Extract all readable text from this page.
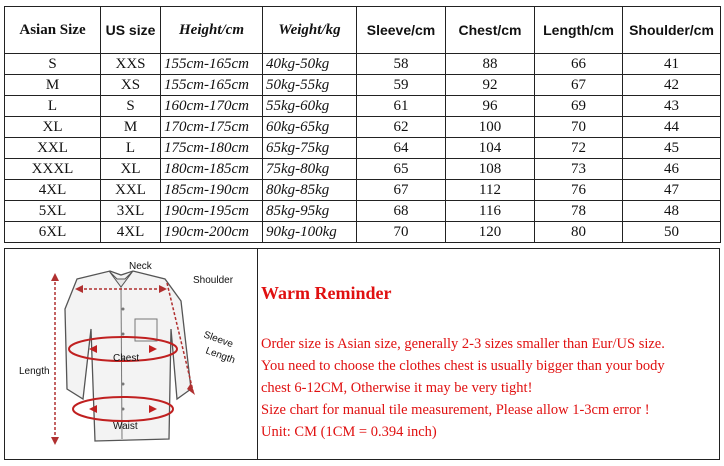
Asian Size	US size	Height/cm	Weight/kg	Sleeve/cm	Chest/cm	Length/cm	Shoulder/cm
S	XXS	155cm-165cm	40kg-50kg	58	88	66	41
M	XS	155cm-165cm	50kg-55kg	59	92	67	42
L	S	160cm-170cm	55kg-60kg	61	96	69	43
XL	M	170cm-175cm	60kg-65kg	62	100	70	44
XXL	L	175cm-180cm	65kg-75kg	64	104	72	45
XXXL	XL	180cm-185cm	75kg-80kg	65	108	73	46
4XL	XXL	185cm-190cm	80kg-85kg	67	112	76	47
5XL	3XL	190cm-195cm	85kg-95kg	68	116	78	48
6XL	4XL	190cm-200cm	90kg-100kg	70	120	80	50
Neck
Shoulder
Sleeve
Length
Length
Chest
Waist
Warm Reminder
Order size is Asian size, generally 2-3 sizes smaller than Eur/US size.
You need to choose the clothes chest is usually bigger than your body
chest 6-12CM, Otherwise it may be very tight!
Size chart for manual tile measurement, Please allow 1-3cm error !
Unit: CM (1CM = 0.394 inch)
